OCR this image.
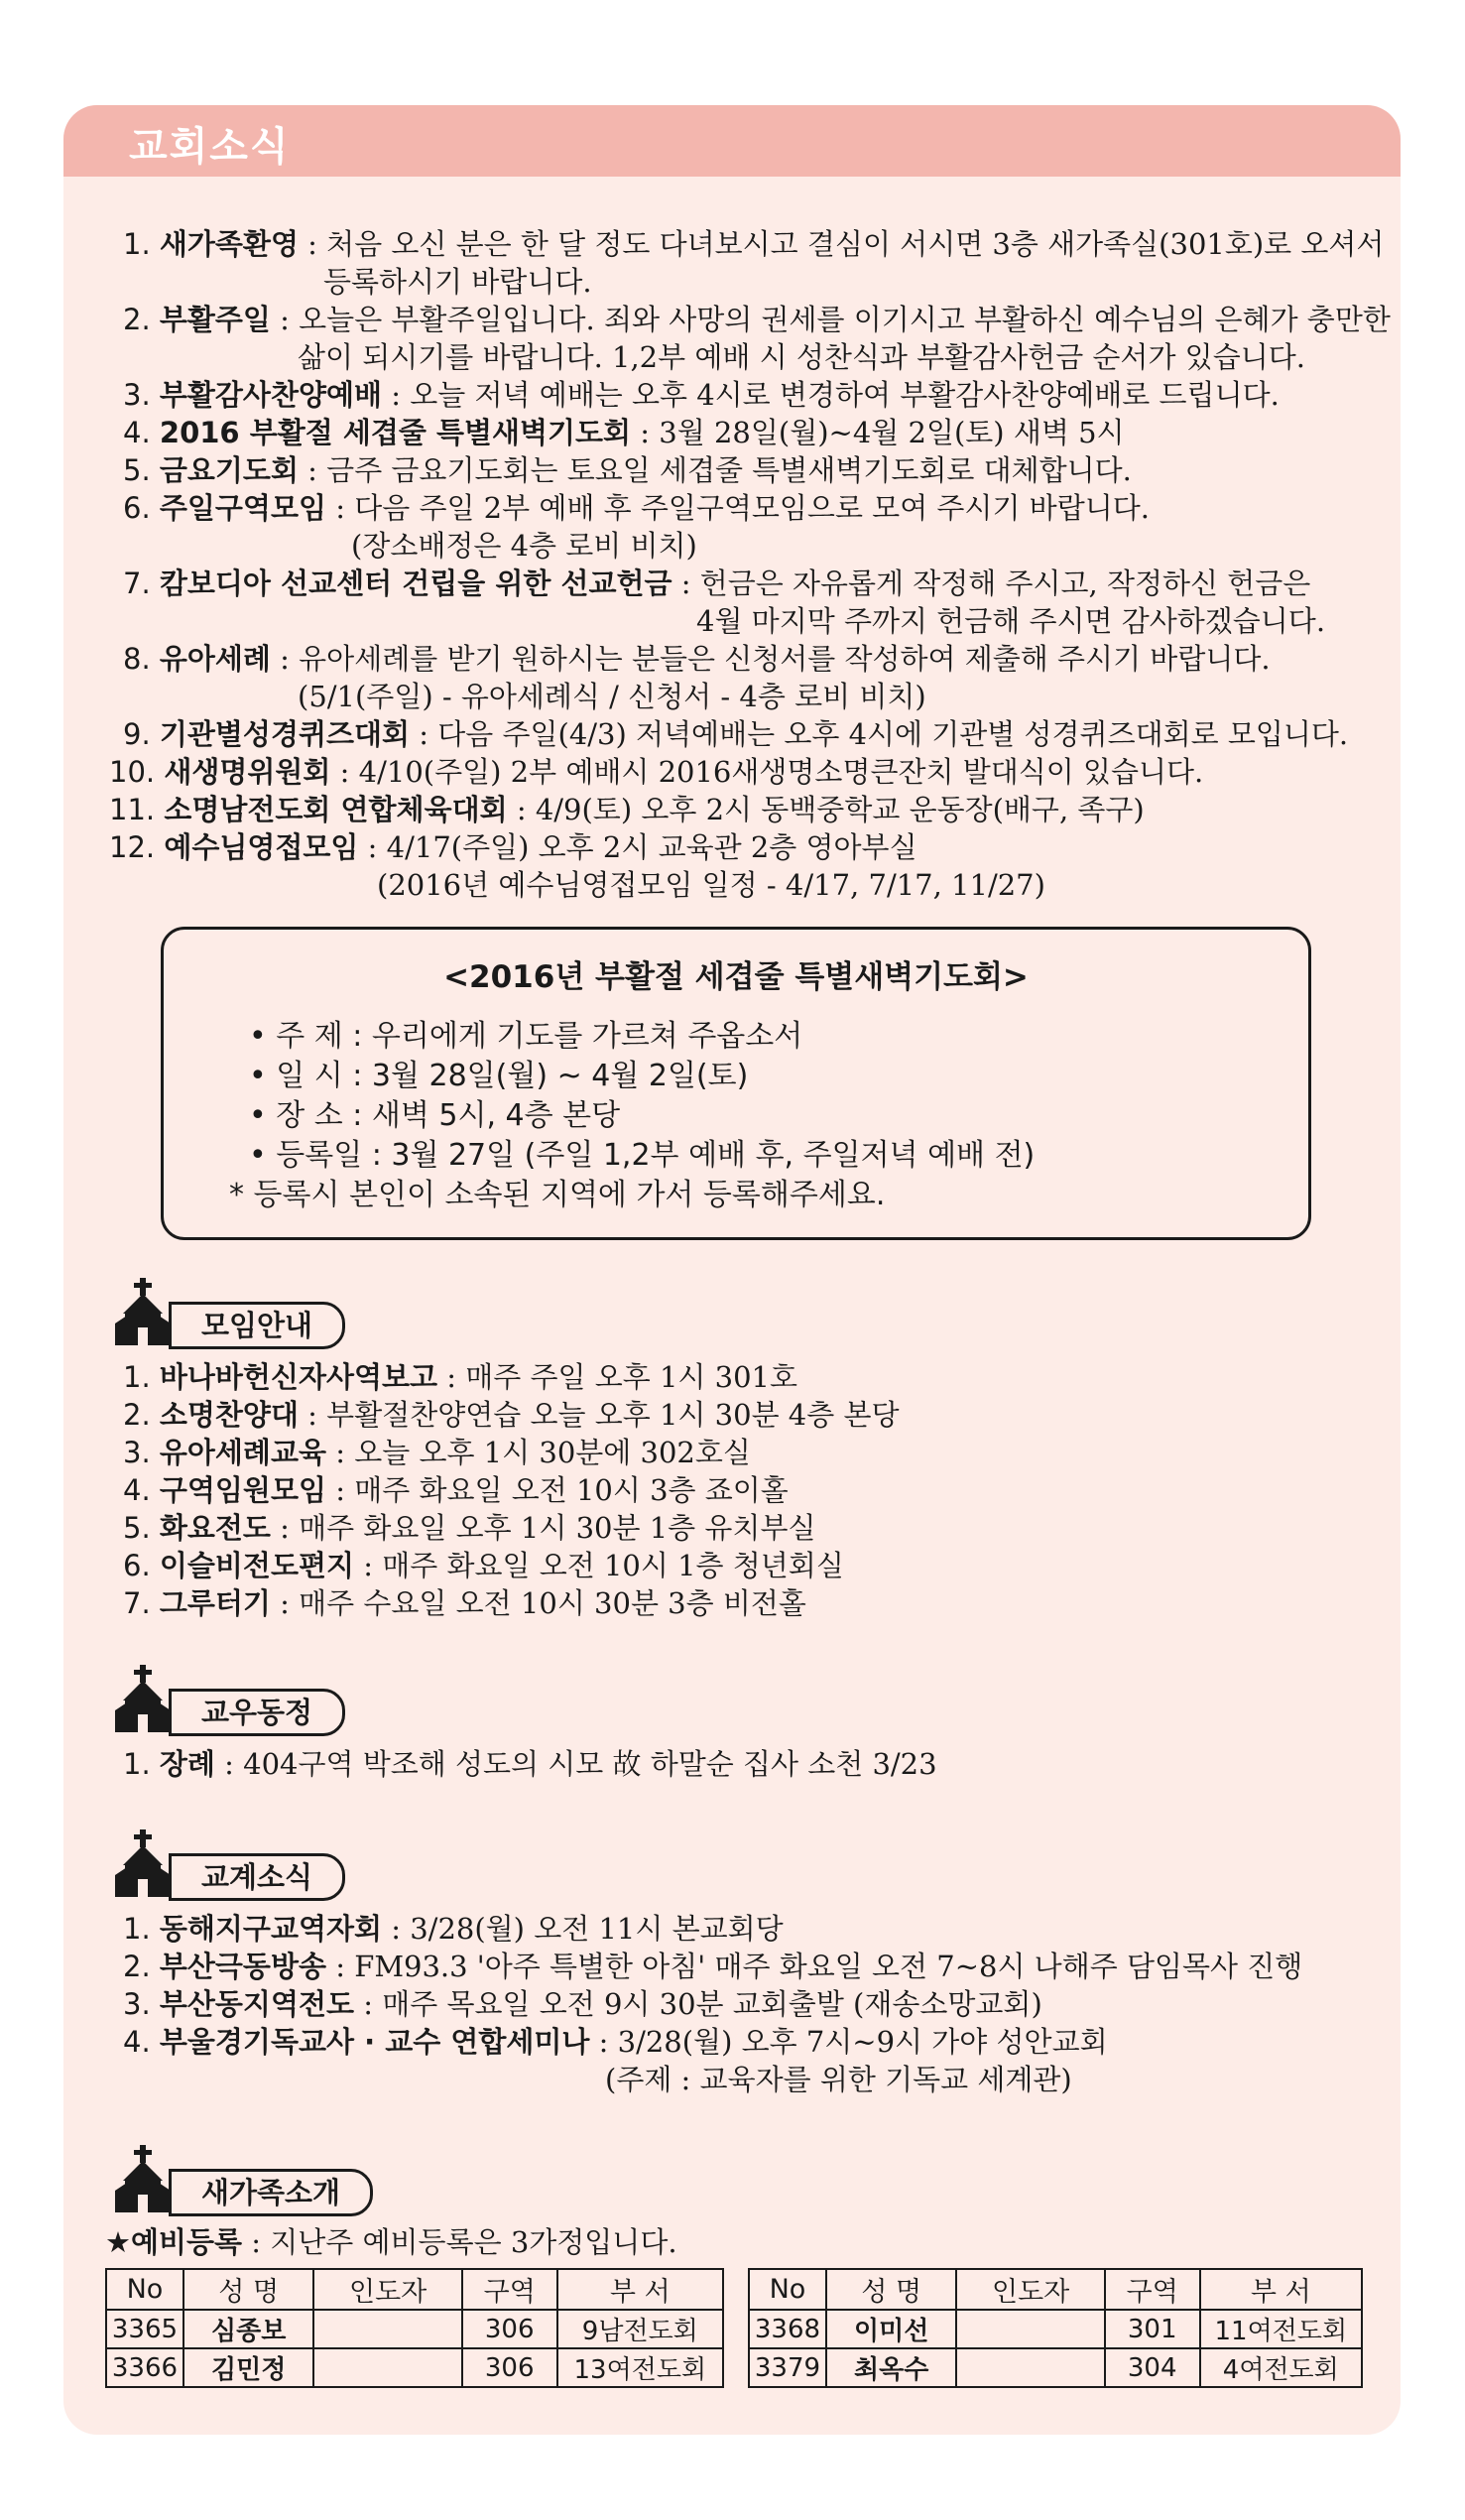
교회소식
1. 새가족환영 : 처음 오신 분은 한 달 정도 다녀보시고 결심이 서시면 3층 새가족실(301호)로 오셔서
등록하시기 바랍니다.
2. 부활주일 : 오늘은 부활주일입니다. 죄와 사망의 권세를 이기시고 부활하신 예수님의 은혜가 충만한
삶이 되시기를 바랍니다. 1,2부 예배 시 성찬식과 부활감사헌금 순서가 있습니다.
3. 부활감사찬양예배 : 오늘 저녁 예배는 오후 4시로 변경하여 부활감사찬양예배로 드립니다.
4. 2016 부활절 세겹줄 특별새벽기도회 : 3월 28일(월)~4월 2일(토) 새벽 5시
5. 금요기도회 : 금주 금요기도회는 토요일 세겹줄 특별새벽기도회로 대체합니다.
6. 주일구역모임 : 다음 주일 2부 예배 후 주일구역모임으로 모여 주시기 바랍니다.
(장소배정은 4층 로비 비치)
7. 캄보디아 선교센터 건립을 위한 선교헌금 : 헌금은 자유롭게 작정해 주시고, 작정하신 헌금은
4월 마지막 주까지 헌금해 주시면 감사하겠습니다.
8. 유아세례 : 유아세례를 받기 원하시는 분들은 신청서를 작성하여 제출해 주시기 바랍니다.
(5/1(주일) - 유아세례식 / 신청서 - 4층 로비 비치)
9. 기관별성경퀴즈대회 : 다음 주일(4/3) 저녁예배는 오후 4시에 기관별 성경퀴즈대회로 모입니다.
10. 새생명위원회 : 4/10(주일) 2부 예배시 2016새생명소명큰잔치 발대식이 있습니다.
11. 소명남전도회 연합체육대회 : 4/9(토) 오후 2시 동백중학교 운동장(배구, 족구)
12. 예수님영접모임 : 4/17(주일) 오후 2시 교육관 2층 영아부실
(2016년 예수님영접모임 일정 - 4/17, 7/17, 11/27)
<2016년 부활절 세겹줄 특별새벽기도회>
• 주 제 : 우리에게 기도를 가르쳐 주옵소서
• 일 시 : 3월 28일(월) ~ 4월 2일(토)
• 장 소 : 새벽 5시, 4층 본당
• 등록일 : 3월 27일 (주일 1,2부 예배 후, 주일저녁 예배 전)
* 등록시 본인이 소속된 지역에 가서 등록해주세요.
모임안내
1. 바나바헌신자사역보고 : 매주 주일 오후 1시 301호
2. 소명찬양대 : 부활절찬양연습 오늘 오후 1시 30분 4층 본당
3. 유아세례교육 : 오늘 오후 1시 30분에 302호실
4. 구역임원모임 : 매주 화요일 오전 10시 3층 죠이홀
5. 화요전도 : 매주 화요일 오후 1시 30분 1층 유치부실
6. 이슬비전도편지 : 매주 화요일 오전 10시 1층 청년회실
7. 그루터기 : 매주 수요일 오전 10시 30분 3층 비전홀
교우동정
1. 장례 : 404구역 박조해 성도의 시모 故 하말순 집사 소천 3/23
교계소식
1. 동해지구교역자회 : 3/28(월) 오전 11시 본교회당
2. 부산극동방송 : FM93.3 '아주 특별한 아침' 매주 화요일 오전 7~8시 나해주 담임목사 진행
3. 부산동지역전도 : 매주 목요일 오전 9시 30분 교회출발 (재송소망교회)
4. 부울경기독교사 · 교수 연합세미나 : 3/28(월) 오후 7시~9시 가야 성안교회
(주제 : 교육자를 위한 기독교 세계관)
새가족소개
★예비등록 : 지난주 예비등록은 3가정입니다.
No	성 명	인도자	구역	부 서
3365	심종보		306	9남전도회
3366	김민정		306	13여전도회
No	성 명	인도자	구역	부 서
3368	이미선		301	11여전도회
3379	최옥수		304	4여전도회
